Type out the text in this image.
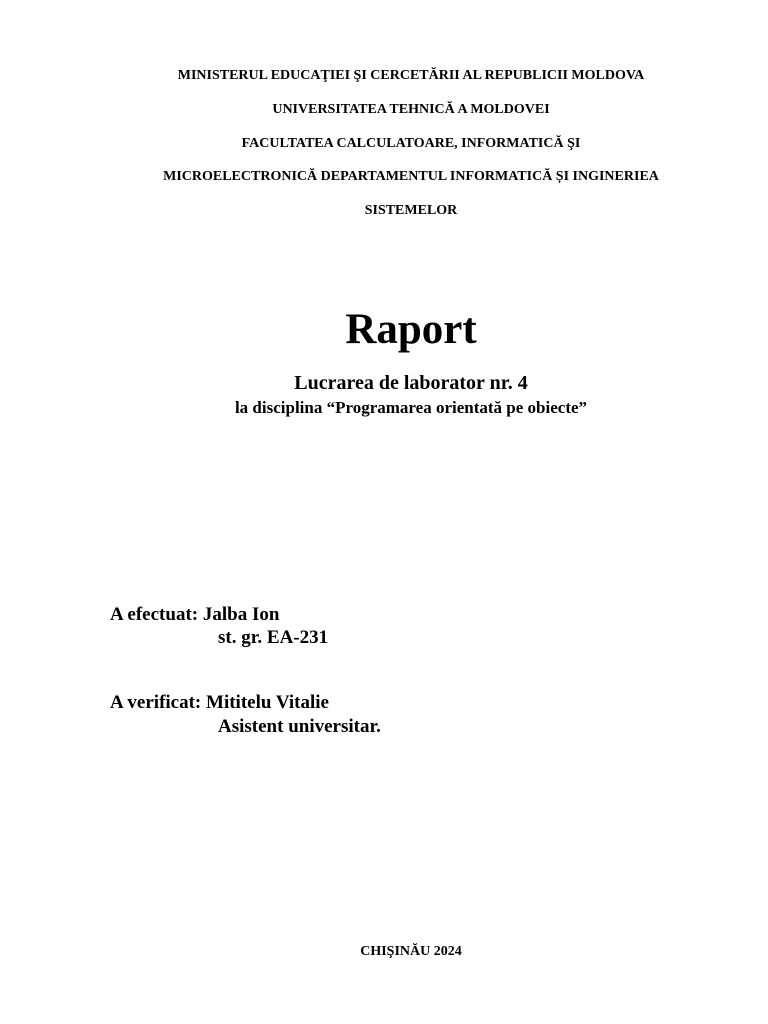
MINISTERUL EDUCAŢIEI ŞI CERCETĂRII AL REPUBLICII MOLDOVA
UNIVERSITATEA TEHNICĂ A MOLDOVEI
FACULTATEA CALCULATOARE, INFORMATICĂ ŞI
MICROELECTRONICĂ DEPARTAMENTUL INFORMATICĂ ȘI INGINERIEA
SISTEMELOR
Raport
Lucrarea de laborator nr. 4
la disciplina “Programarea orientată pe obiecte”
A efectuat: Jalba Ion
st. gr. EA-231
A verificat: Mititelu Vitalie
Asistent universitar.
CHIŞINĂU 2024
